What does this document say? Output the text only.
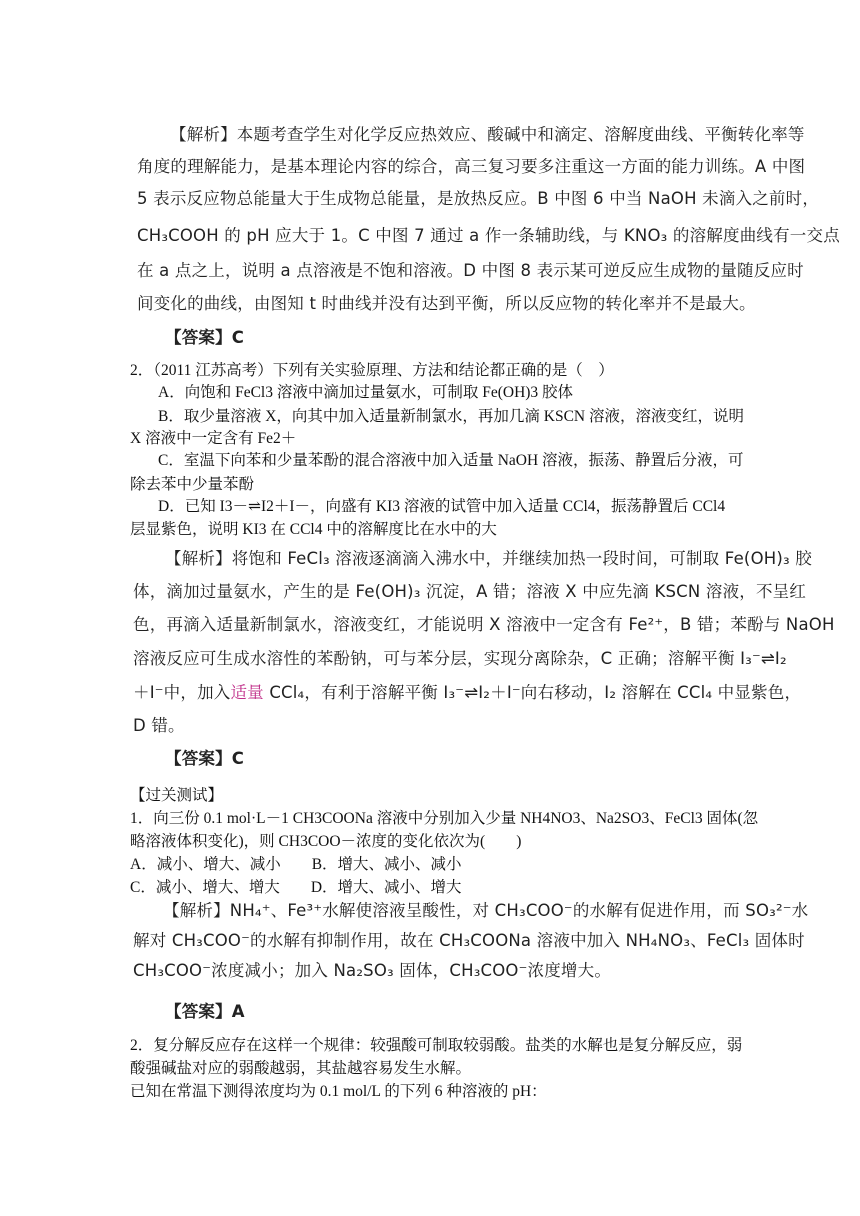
【解析】本题考查学生对化学反应热效应、酸碱中和滴定、溶解度曲线、平衡转化率等
角度的理解能力，是基本理论内容的综合，高三复习要多注重这一方面的能力训练。A 中图
5 表示反应物总能量大于生成物总能量，是放热反应。B 中图 6 中当 NaOH 未滴入之前时，
CH₃COOH 的 pH 应大于 1。C 中图 7 通过 a 作一条辅助线，与 KNO₃ 的溶解度曲线有一交点
在 a 点之上，说明 a 点溶液是不饱和溶液。D 中图 8 表示某可逆反应生成物的量随反应时
间变化的曲线，由图知 t 时曲线并没有达到平衡，所以反应物的转化率并不是最大。
【答案】C
2．（2011 江苏高考）下列有关实验原理、方法和结论都正确的是（　）
A．向饱和 FeCl3 溶液中滴加过量氨水，可制取 Fe(OH)3 胶体
B．取少量溶液 X，向其中加入适量新制氯水，再加几滴 KSCN 溶液，溶液变红，说明
X 溶液中一定含有 Fe2＋
C．室温下向苯和少量苯酚的混合溶液中加入适量 NaOH 溶液，振荡、静置后分液，可
除去苯中少量苯酚
D．已知 I3－⇌I2＋I－，向盛有 KI3 溶液的试管中加入适量 CCl4，振荡静置后 CCl4
层显紫色，说明 KI3 在 CCl4 中的溶解度比在水中的大
【解析】将饱和 FeCl₃ 溶液逐滴滴入沸水中，并继续加热一段时间，可制取 Fe(OH)₃ 胶
体，滴加过量氨水，产生的是 Fe(OH)₃ 沉淀，A 错；溶液 X 中应先滴 KSCN 溶液，不呈红
色，再滴入适量新制氯水，溶液变红，才能说明 X 溶液中一定含有 Fe²⁺，B 错；苯酚与 NaOH
溶液反应可生成水溶性的苯酚钠，可与苯分层，实现分离除杂，C 正确；溶解平衡 I₃⁻⇌I₂
＋I⁻中，加入适量 CCl₄，有利于溶解平衡 I₃⁻⇌I₂＋I⁻向右移动，I₂ 溶解在 CCl₄ 中显紫色，
D 错。
【答案】C
【过关测试】
1．向三份 0.1 mol·L－1 CH3COONa 溶液中分别加入少量 NH4NO3、Na2SO3、FeCl3 固体(忽
略溶液体积变化)，则 CH3COO－浓度的变化依次为(　　)
A．减小、增大、减小　　B．增大、减小、减小
C．减小、增大、增大　　D．增大、减小、增大
【解析】NH₄⁺、Fe³⁺水解使溶液呈酸性，对 CH₃COO⁻的水解有促进作用，而 SO₃²⁻水
解对 CH₃COO⁻的水解有抑制作用，故在 CH₃COONa 溶液中加入 NH₄NO₃、FeCl₃ 固体时
CH₃COO⁻浓度减小；加入 Na₂SO₃ 固体，CH₃COO⁻浓度增大。
【答案】A
2．复分解反应存在这样一个规律：较强酸可制取较弱酸。盐类的水解也是复分解反应，弱
酸强碱盐对应的弱酸越弱，其盐越容易发生水解。
已知在常温下测得浓度均为 0.1 mol/L 的下列 6 种溶液的 pH：
